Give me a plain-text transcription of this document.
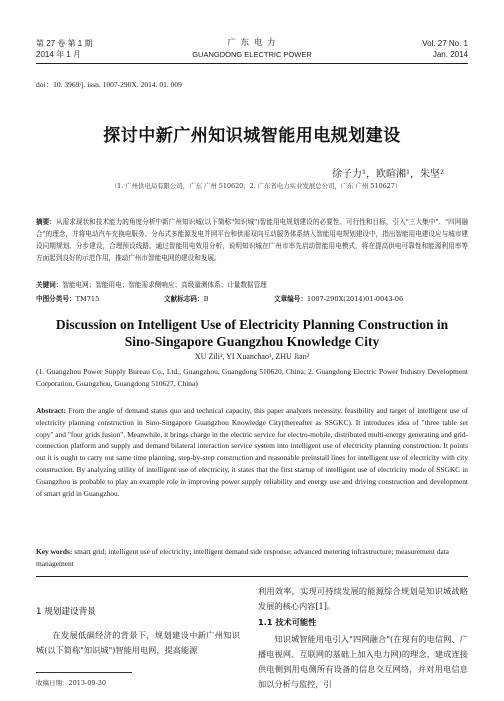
第 27 卷 第 1 期
2014 年 1 月
广 东 电 力
GUANGDONG ELECTRIC POWER
Vol. 27 No. 1
Jan. 2014
doi：10. 3969/j. issn. 1007-290X. 2014. 01. 009
探讨中新广州知识城智能用电规划建设
徐子力¹，欧暄湘¹，朱坚²
（1. 广州供电局有限公司，广东 广州 510620；2. 广东省电力实业发展总公司，广东 广州 510627）
摘要：从需求现状和技术能力的角度分析中新广州知识城(以下简称"知识城")智能用电规划建设的必要性、可行性和目标，引入"三大集中"、"四网融合"的理念，并将电动汽车充换电服务、分布式多能源发电并网平台和供需双向互动服务体系纳入智能用电规划建设中，指出智能用电建设应与城市建设同期规划、分步建设，合理预设线路。通过智能用电效用分析，说明知识城在广州市率先启动智能用电模式，将在提高供电可靠性和能源利用率等方面起到良好的示范作用，推动广州市智能电网的建设和发展。
关键词：智能电网；智能用电；智能需求侧响应；高级量测体系；计量数据管理
中图分类号：TM715	文献标志码：B	文章编号：1007-290X(2014)01-0043-06
Discussion on Intelligent Use of Electricity Planning Construction in
Sino-Singapore Guangzhou Knowledge City
XU Zili¹, YI Xuanchao¹, ZHU Jian²
(1. Guangzhou Power Supply Bureau Co., Ltd., Guangzhou, Guangdong 510620, China; 2. Guangdong Electric Power Industry Development Corporation, Guangzhou, Guangdong 510627, China)
Abstract: From the angle of demand status quo and technical capacity, this paper analyzes necessity, feasibility and target of intelligent use of electricity planning construction in Sino-Singapore Guangzhou Knowledge City(thereafter as SSGKC). It introduces idea of "three table set copy" and "four grids fusion". Meanwhile, it brings charge in the electric service for electro-mobile, distributed multi-energy generating and grid-connection platform and supply and demand bilateral interaction service system into intelligent use of electricity planning construction. It points out it is ought to carry out same time planning, step-by-step construction and reasonable preinstall lines for intelligent use of electricity with city construction. By analyzing utility of intelligent use of electricity, it states that the first startup of intelligent use of electricity mode of SSGKC in Guangzhou is probable to play an example role in improving power supply reliability and energy use and driving construction and development of smart grid in Guangzhou.
Key words: smart grid; intelligent use of electricity; intelligent demand side response; advanced metering infrastructure; measurement data management
1 规划建设背景
在发展低碳经济的背景下，规划建设中新广州知识城(以下简称"知识城")智能用电网，提高能源
利用效率，实现可持续发展的能源综合规划是知识城战略发展的核心内容[1]。
1.1 技术可能性
知识城智能用电引入"四网融合"(在现有的电信网、广播电视网、互联网的基础上加入电力网)的理念，建成连接供电侧到用电侧所有设备的信息交互网络，并对用电信息加以分析与监控，引
收稿日期：2013-09-30
